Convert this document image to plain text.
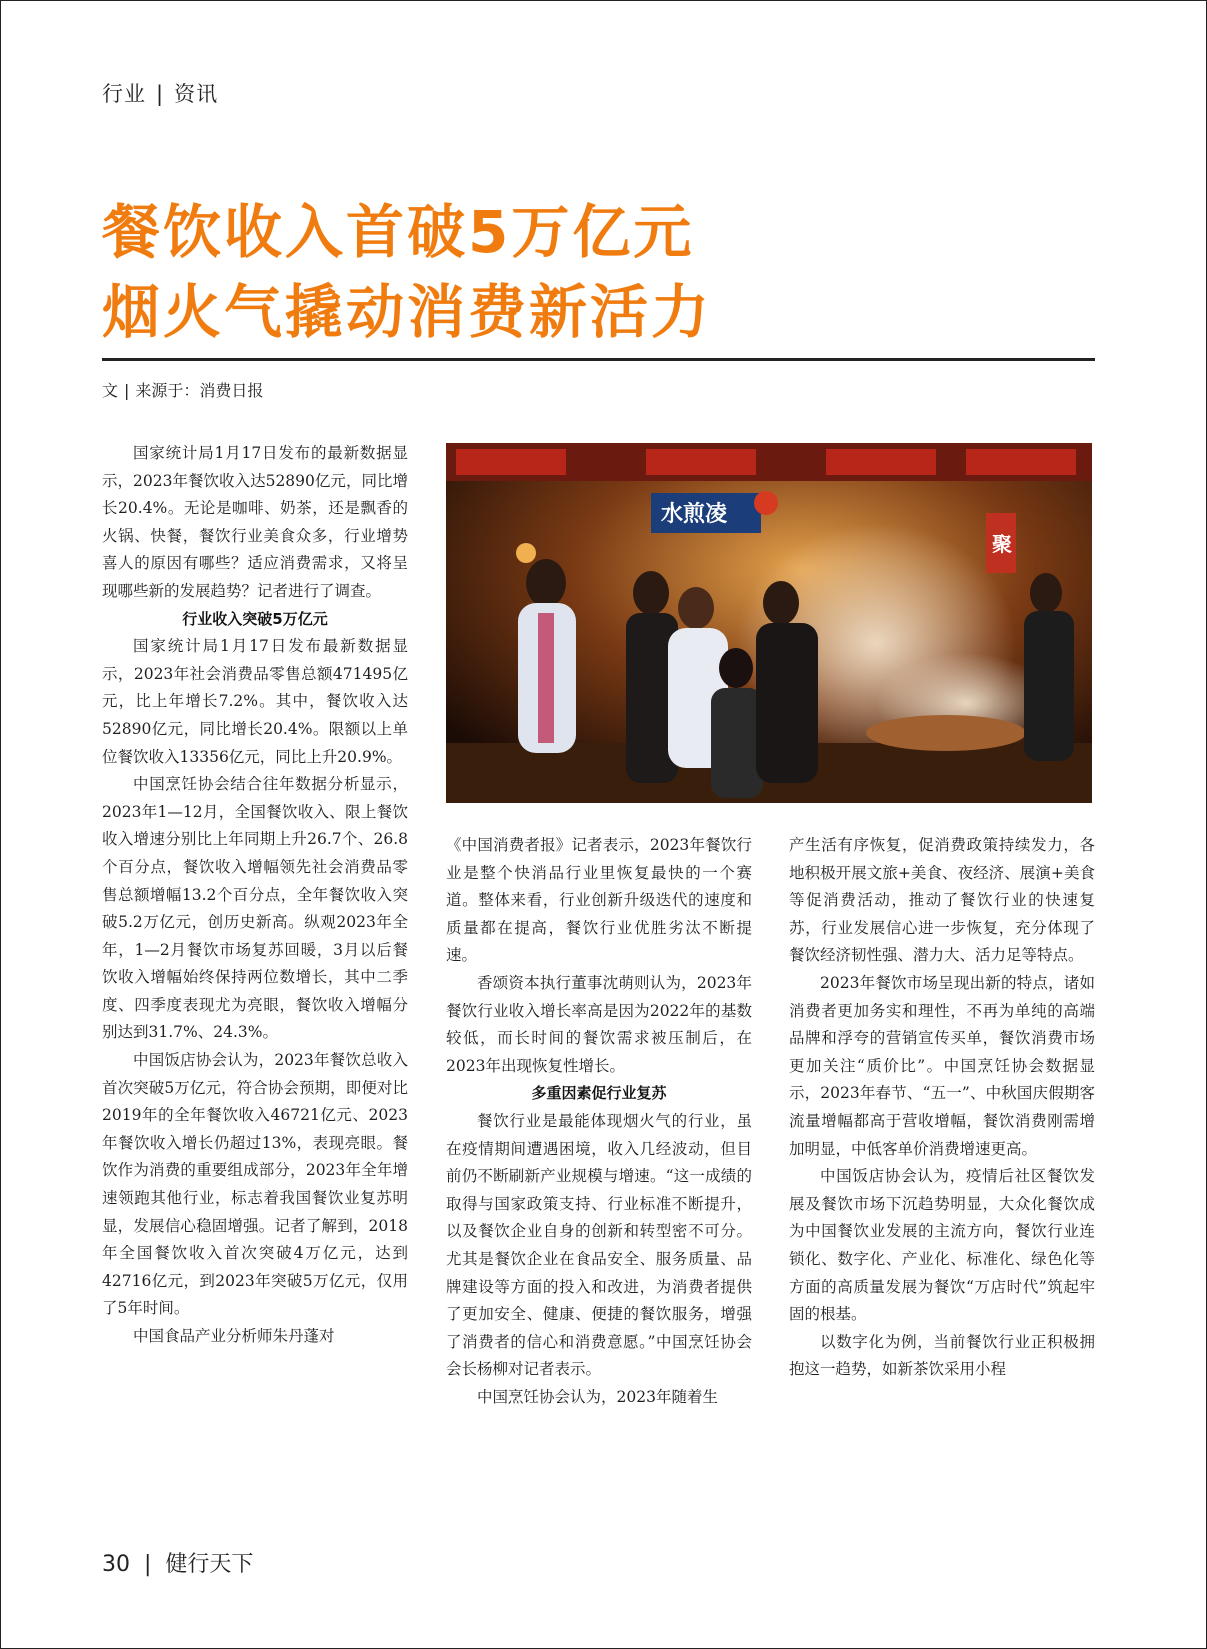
行业 | 资讯
餐饮收入首破5万亿元
烟火气撬动消费新活力
文 | 来源于：消费日报
水煎凌
聚

国家统计局1月17日发布的最新数据显示，2023年餐饮收入达52890亿元，同比增长20.4%。无论是咖啡、奶茶，还是飘香的火锅、快餐，餐饮行业美食众多，行业增势喜人的原因有哪些？适应消费需求，又将呈现哪些新的发展趋势？记者进行了调查。

行业收入突破5万亿元

国家统计局1月17日发布最新数据显示，2023年社会消费品零售总额471495亿元，比上年增长7.2%。其中，餐饮收入达52890亿元，同比增长20.4%。限额以上单位餐饮收入13356亿元，同比上升20.9%。

中国烹饪协会结合往年数据分析显示，2023年1—12月，全国餐饮收入、限上餐饮收入增速分别比上年同期上升26.7个、26.8个百分点，餐饮收入增幅领先社会消费品零售总额增幅13.2个百分点，全年餐饮收入突破5.2万亿元，创历史新高。纵观2023年全年，1—2月餐饮市场复苏回暖，3月以后餐饮收入增幅始终保持两位数增长，其中二季度、四季度表现尤为亮眼，餐饮收入增幅分别达到31.7%、24.3%。

中国饭店协会认为，2023年餐饮总收入首次突破5万亿元，符合协会预期，即便对比2019年的全年餐饮收入46721亿元、2023年餐饮收入增长仍超过13%，表现亮眼。餐饮作为消费的重要组成部分，2023年全年增速领跑其他行业，标志着我国餐饮业复苏明显，发展信心稳固增强。记者了解到，2018年全国餐饮收入首次突破4万亿元，达到42716亿元，到2023年突破5万亿元，仅用了5年时间。

中国食品产业分析师朱丹蓬对

《中国消费者报》记者表示，2023年餐饮行业是整个快消品行业里恢复最快的一个赛道。整体来看，行业创新升级迭代的速度和质量都在提高，餐饮行业优胜劣汰不断提速。

香颂资本执行董事沈萌则认为，2023年餐饮行业收入增长率高是因为2022年的基数较低，而长时间的餐饮需求被压制后，在2023年出现恢复性增长。

多重因素促行业复苏

餐饮行业是最能体现烟火气的行业，虽在疫情期间遭遇困境，收入几经波动，但目前仍不断刷新产业规模与增速。“这一成绩的取得与国家政策支持、行业标准不断提升，以及餐饮企业自身的创新和转型密不可分。尤其是餐饮企业在食品安全、服务质量、品牌建设等方面的投入和改进，为消费者提供了更加安全、健康、便捷的餐饮服务，增强了消费者的信心和消费意愿。”中国烹饪协会会长杨柳对记者表示。

中国烹饪协会认为，2023年随着生

产生活有序恢复，促消费政策持续发力，各地积极开展文旅+美食、夜经济、展演+美食等促消费活动，推动了餐饮行业的快速复苏，行业发展信心进一步恢复，充分体现了餐饮经济韧性强、潜力大、活力足等特点。

2023年餐饮市场呈现出新的特点，诸如消费者更加务实和理性，不再为单纯的高端品牌和浮夸的营销宣传买单，餐饮消费市场更加关注“质价比”。中国烹饪协会数据显示，2023年春节、“五一”、中秋国庆假期客流量增幅都高于营收增幅，餐饮消费刚需增加明显，中低客单价消费增速更高。

中国饭店协会认为，疫情后社区餐饮发展及餐饮市场下沉趋势明显，大众化餐饮成为中国餐饮业发展的主流方向，餐饮行业连锁化、数字化、产业化、标准化、绿色化等方面的高质量发展为餐饮“万店时代”筑起牢固的根基。

以数字化为例，当前餐饮行业正积极拥抱这一趋势，如新茶饮采用小程

30 | 健行天下
